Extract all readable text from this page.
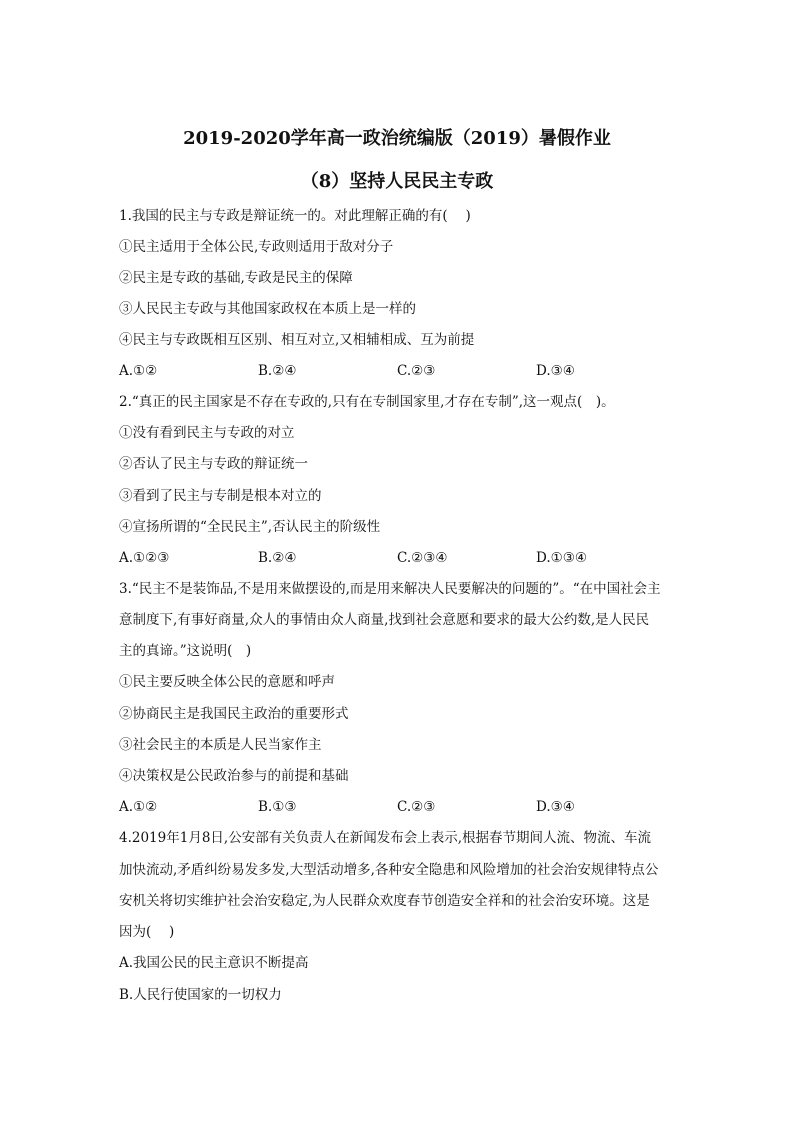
2019-2020学年高一政治统编版（2019）暑假作业
（8）坚持人民民主专政
1.我国的民主与专政是辩证统一的。对此理解正确的有(　 )
①民主适用于全体公民,专政则适用于敌对分子
②民主是专政的基础,专政是民主的保障
③人民民主专政与其他国家政权在本质上是一样的
④民主与专政既相互区别、相互对立,又相辅相成、互为前提
A.①②	B.②④	C.②③	D.③④
2.“真正的民主国家是不存在专政的,只有在专制国家里,才存在专制”,这一观点(　)。
①没有看到民主与专政的对立
②否认了民主与专政的辩证统一
③看到了民主与专制是根本对立的
④宣扬所谓的“全民民主”,否认民主的阶级性
A.①②③	B.②④	C.②③④	D.①③④
3.“民主不是装饰品,不是用来做摆设的,而是用来解决人民要解决的问题的”。“在中国社会主
意制度下,有事好商量,众人的事情由众人商量,找到社会意愿和要求的最大公约数,是人民民
主的真谛。”这说明(　)
①民主要反映全体公民的意愿和呼声
②协商民主是我国民主政治的重要形式
③社会民主的本质是人民当家作主
④决策权是公民政治参与的前提和基础
A.①②	B.①③	C.②③	D.③④
4.2019年1月8日,公安部有关负责人在新闻发布会上表示,根据春节期间人流、物流、车流
加快流动,矛盾纠纷易发多发,大型活动增多,各种安全隐患和风险增加的社会治安规律特点公
安机关将切实维护社会治安稳定,为人民群众欢度春节创造安全祥和的社会治安环境。这是
因为(　 )
A.我国公民的民主意识不断提高
B.人民行使国家的一切权力
